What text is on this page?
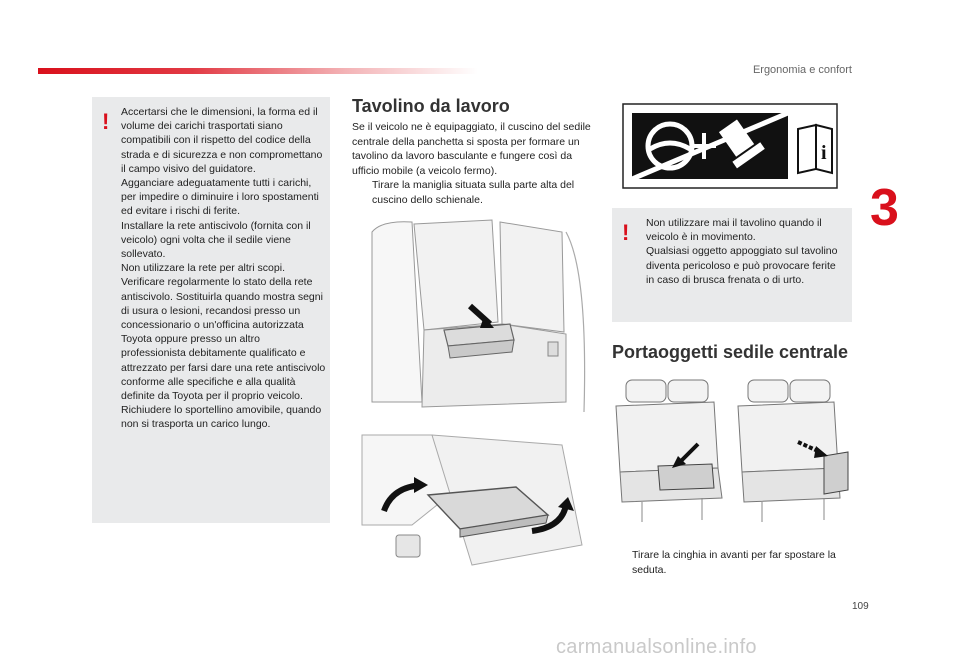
Ergonomia e confort
3
! Accertarsi che le dimensioni, la forma ed il volume dei carichi trasportati siano compatibili con il rispetto del codice della strada e di sicurezza e non compromettano il campo visivo del guidatore.
Agganciare adeguatamente tutti i carichi, per impedire o diminuire i loro spostamenti ed evitare i rischi di ferite.
Installare la rete antiscivolo (fornita con il veicolo) ogni volta che il sedile viene sollevato.
Non utilizzare la rete per altri scopi.
Verificare regolarmente lo stato della rete antiscivolo. Sostituirla quando mostra segni di usura o lesioni, recandosi presso un concessionario o un'officina autorizzata Toyota oppure presso un altro professionista debitamente qualificato e attrezzato per farsi dare una rete antiscivolo conforme alle specifiche e alla qualità definite da Toyota per il proprio veicolo.
Richiudere lo sportellino amovibile, quando non si trasporta un carico lungo.
Tavolino da lavoro
Se il veicolo ne è equipaggiato, il cuscino del sedile centrale della panchetta si sposta per formare un tavolino da lavoro basculante e fungere così da ufficio mobile (a veicolo fermo).
Tirare la maniglia situata sulla parte alta del cuscino dello schienale.
i
! Non utilizzare mai il tavolino quando il veicolo è in movimento.
Qualsiasi oggetto appoggiato sul tavolino diventa pericoloso e può provocare ferite in caso di brusca frenata o di urto.
Portaoggetti sedile centrale
Tirare la cinghia in avanti per far spostare la seduta.
109
carmanualsonline.info
